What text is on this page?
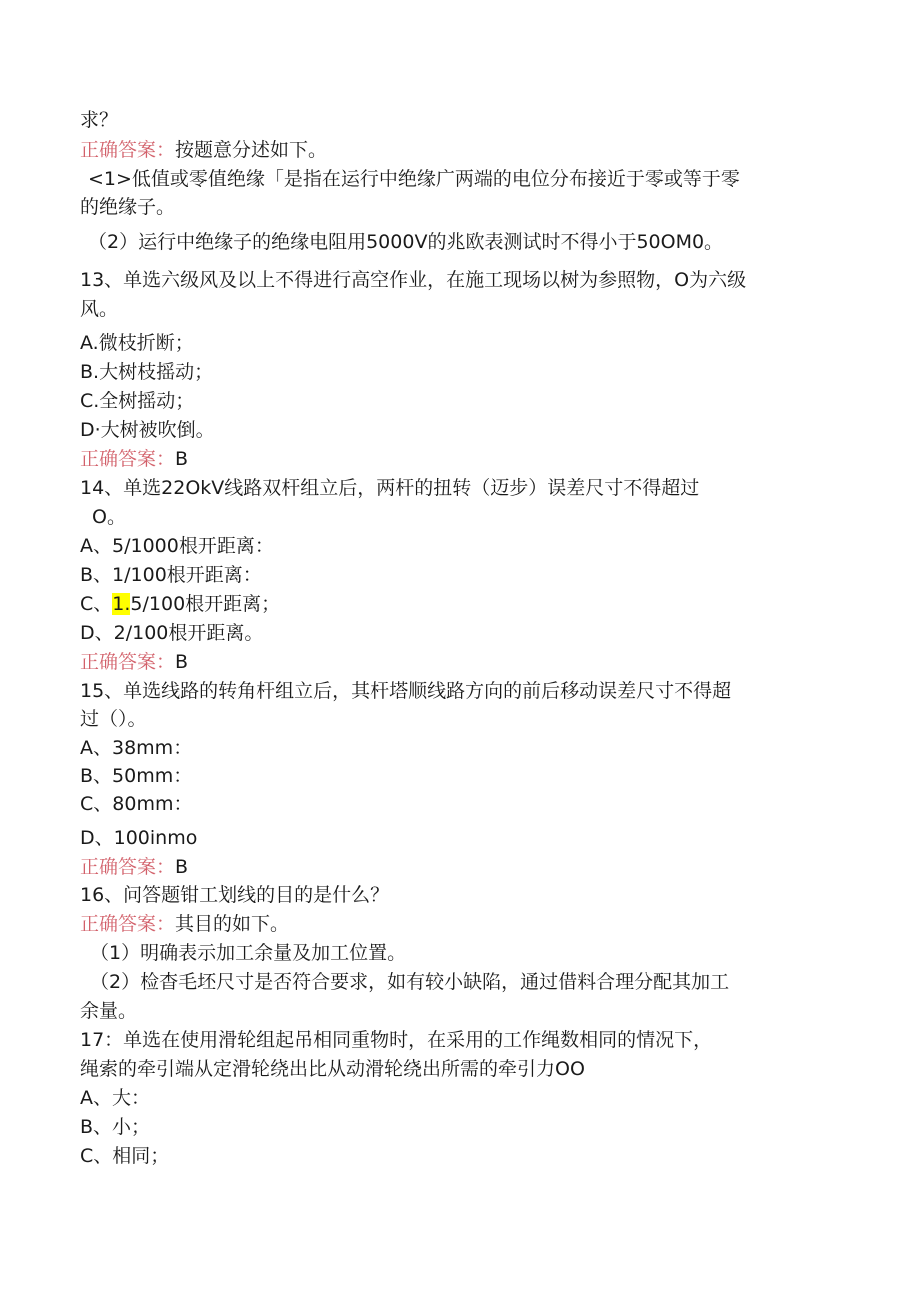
求？
正确答案：按题意分述如下。
<1>低值或零值绝缘「是指在运行中绝缘广两端的电位分布接近于零或等于零
的绝缘子。
（2）运行中绝缘子的绝缘电阻用5000V的兆欧表测试时不得小于50OM0。
13、单选六级风及以上不得进行高空作业，在施工现场以树为参照物，O为六级
风。
A.微枝折断；
B.大树枝摇动；
C.全树摇动；
D·大树被吹倒。
正确答案：B
14、单选22OkV线路双杆组立后，两杆的扭转（迈步）误差尺寸不得超过
O。
A、5/1000根开距离：
B、1/100根开距离：
C、1.5/100根开距离；
D、2/100根开距离。
正确答案：B
15、单选线路的转角杆组立后，其杆塔顺线路方向的前后移动误差尺寸不得超
过（）。
A、38mm：
B、50mm：
C、80mm：
D、100inmo
正确答案：B
16、问答题钳工划线的目的是什么？
正确答案：其目的如下。
（1）明确表示加工余量及加工位置。
（2）检杳毛坯尺寸是否符合要求，如有较小缺陷，通过借料合理分配其加工
余量。
17：单选在使用滑轮组起吊相同重物时，在采用的工作绳数相同的情况下，
绳索的牵引端从定滑轮绕出比从动滑轮绕出所需的牵引力OO
A、大：
B、小；
C、相同；
